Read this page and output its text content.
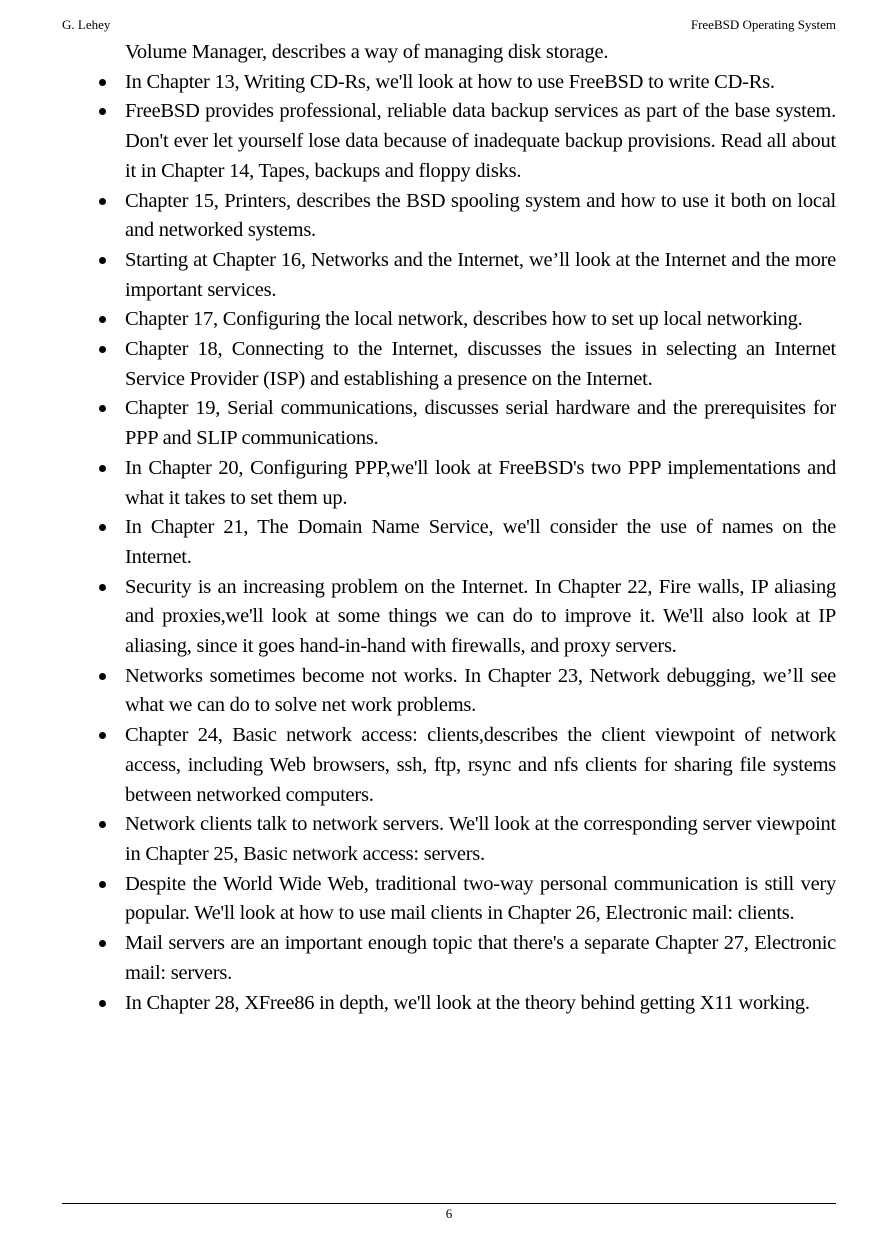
G. Lehey	FreeBSD Operating System

Volume Manager, describes a way of managing disk storage.

In Chapter 13, Writing CD-Rs, we'll look at how to use FreeBSD to write CD-Rs.
FreeBSD provides professional, reliable data backup services as part of the base system. Don't ever let yourself lose data because of inadequate backup provisions. Read all about it in Chapter 14, Tapes, backups and floppy disks.
Chapter 15, Printers, describes the BSD spooling system and how to use it both on local and networked systems.
Starting at Chapter 16, Networks and the Internet, we’ll look at the Internet and the more important services.
Chapter 17, Configuring the local network, describes how to set up local networking.
Chapter 18, Connecting to the Internet, discusses the issues in selecting an Internet Service Provider (ISP) and establishing a presence on the Internet.
Chapter 19, Serial communications, discusses serial hardware and the prerequisites for PPP and SLIP communications.
In Chapter 20, Configuring PPP,we'll look at FreeBSD's two PPP implementations and what it takes to set them up.
In Chapter 21, The Domain Name Service, we'll consider the use of names on the Internet.
Security is an increasing problem on the Internet. In Chapter 22, Fire walls, IP aliasing and proxies,we'll look at some things we can do to improve it. We'll also look at IP aliasing, since it goes hand-in-hand with firewalls, and proxy servers.
Networks sometimes become not works. In Chapter 23, Network debugging, we’ll see what we can do to solve net work problems.
Chapter 24, Basic network access: clients,describes the client viewpoint of network access, including Web browsers, ssh, ftp, rsync and nfs clients for sharing file systems between networked computers.
Network clients talk to network servers. We'll look at the corresponding server viewpoint in Chapter 25, Basic network access: servers.
Despite the World Wide Web, traditional two-way personal communication is still very popular. We'll look at how to use mail clients in Chapter 26, Electronic mail: clients.
Mail servers are an important enough topic that there's a separate Chapter 27, Electronic mail: servers.
In Chapter 28, XFree86 in depth, we'll look at the theory behind getting X11 working.
6
